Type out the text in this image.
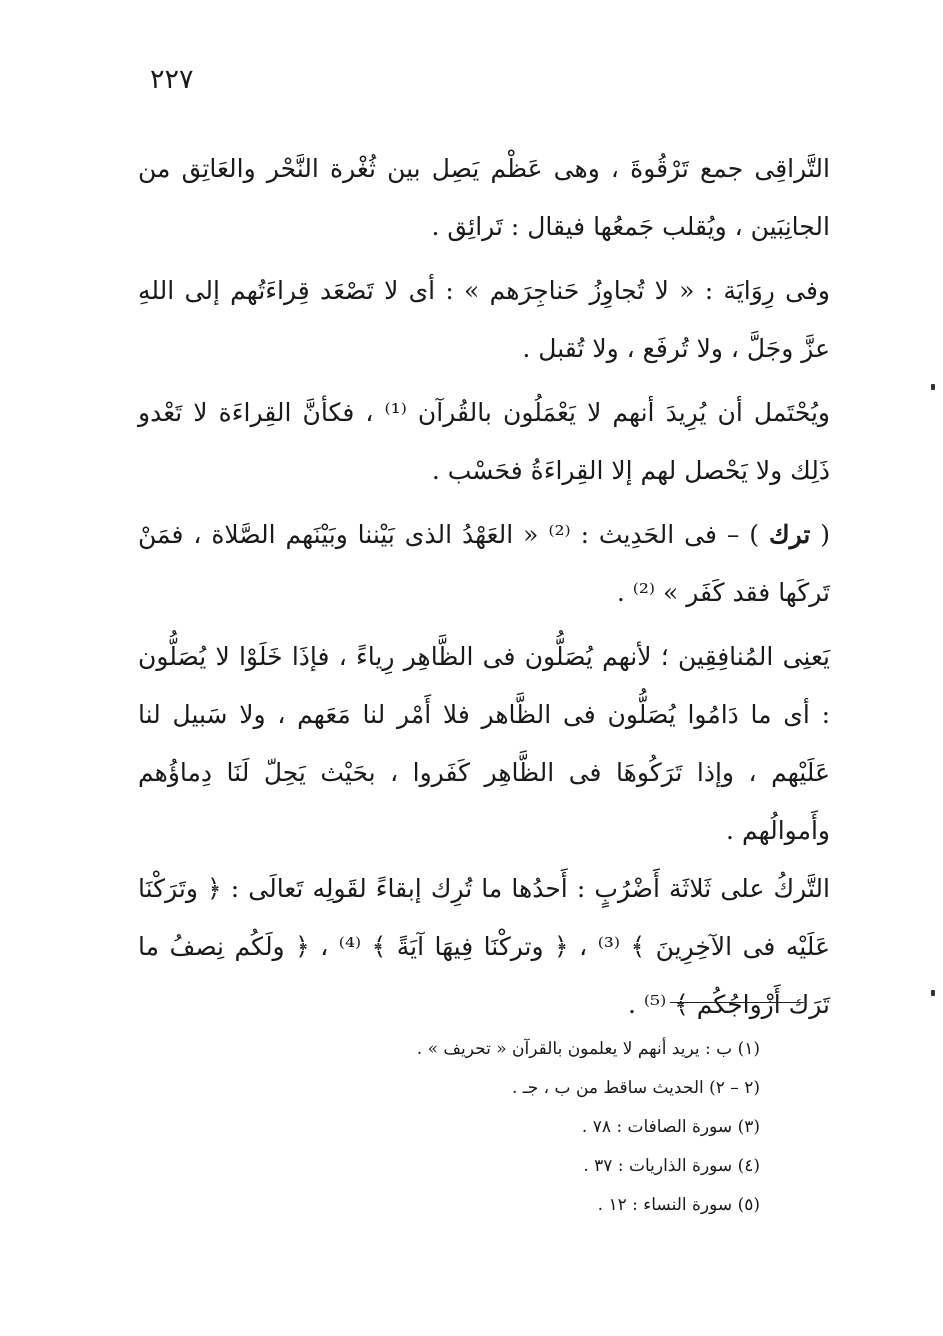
٢٢٧

التَّراقِى جمع تَرْقُوةَ ، وهى عَظْم يَصِل بين ثُغْرة النَّحْر والعَاتِق من الجانِبَين ، ويُقلب جَمعُها فيقال : تَرائِق .

وفى رِوَايَة : « لا تُجاوِزُ حَناجِرَهم » : أى لا تَصْعَد قِراءَتُهم إلى اللهِ عزَّ وجَلَّ ، ولا تُرفَع ، ولا تُقبل .

ويُحْتَمل أن يُرِيدَ أنهم لا يَعْمَلُون بالقُرآن ⁽¹⁾ ، فكأنَّ القِراءَة لا تَعْدو ذَلِك ولا يَحْصل لهم إلا القِراءَةُ فحَسْب .

( ترك ) – فى الحَدِيث : ⁽²⁾ « العَهْدُ الذى بَيْننا وبَيْنَهم الصَّلاة ، فمَنْ تَركَها فقد كَفَر » ⁽²⁾ .

يَعنِى المُنافِقِين ؛ لأنهم يُصَلُّون فى الظَّاهِر رِياءً ، فإذَا خَلَوْا لا يُصَلُّون : أى ما دَامُوا يُصَلُّون فى الظَّاهر فلا أَمْر لنا مَعَهم ، ولا سَبيل لنا عَلَيْهم ، وإذا تَرَكُوهَا فى الظَّاهِر كَفَروا ، بحَيْث يَحِلّ لَنَا دِماؤُهم وأَموالُهم .

التَّركُ على ثَلاثَة أَضْرُبٍ : أَحدُها ما تُرِك إبقاءً لقَولِه تَعالَى : ﴿ وتَرَكْنَا عَلَيْه فى الآخِرِينَ ﴾ ⁽³⁾ ، ﴿ وتركْنَا فِيهَا آيَةً ﴾ ⁽⁴⁾ ، ﴿ ولَكُم نِصفُ ما تَرَك أَزْواجُكُم ﴾ ⁽⁵⁾ .

(١) ب : يريد أنهم لا يعلمون بالقرآن « تحريف » .
(٢ – ٢) الحديث ساقط من ب ، جـ .
(٣) سورة الصافات : ٧٨ .
(٤) سورة الذاريات : ٣٧ .
(٥) سورة النساء : ١٢ .
